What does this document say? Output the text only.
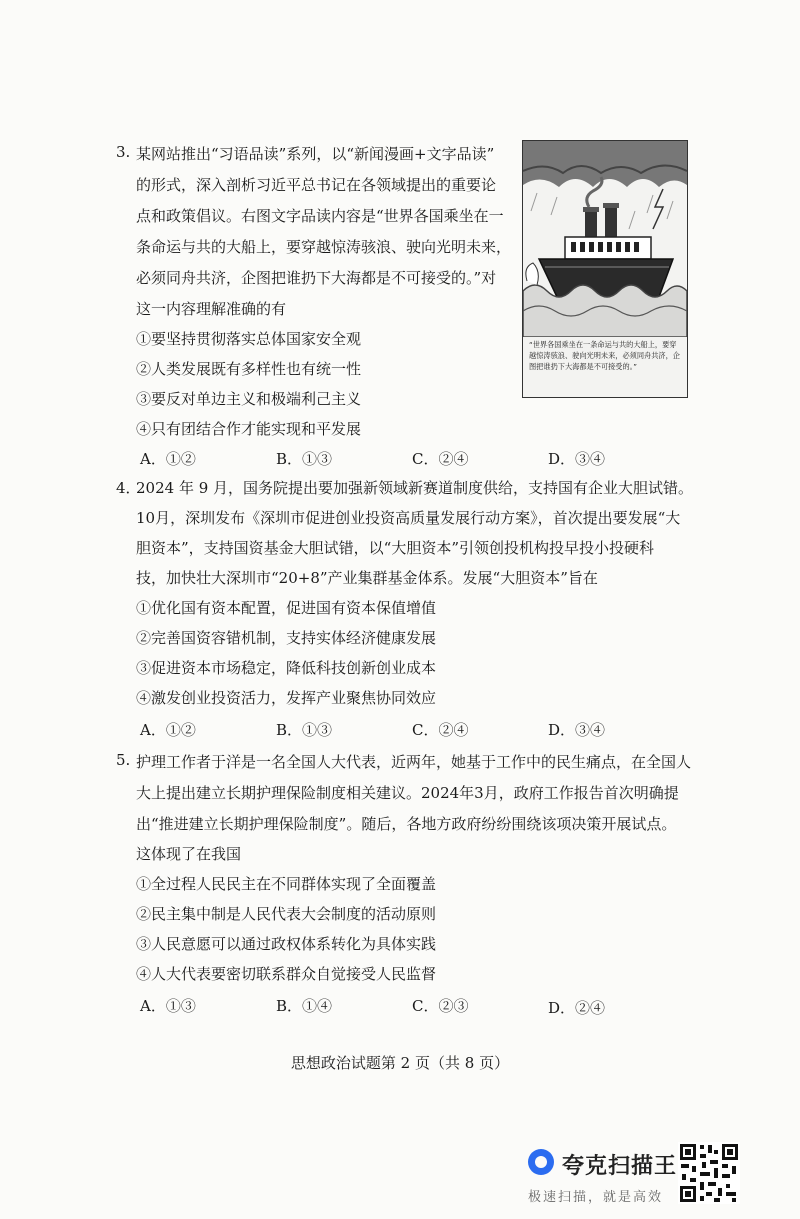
3. 某网站推出“习语品读”系列，以“新闻漫画+文字品读”
的形式，深入剖析习近平总书记在各领域提出的重要论
点和政策倡议。右图文字品读内容是“世界各国乘坐在一
条命运与共的大船上，要穿越惊涛骇浪、驶向光明未来，
必须同舟共济，企图把谁扔下大海都是不可接受的。”对
这一内容理解准确的有
①要坚持贯彻落实总体国家安全观
②人类发展既有多样性也有统一性
③要反对单边主义和极端利己主义
④只有团结合作才能实现和平发展
A．①②	B．①③	C．②④	D．③④
“世界各国乘坐在一条命运与共的大船上，要穿越惊涛骇浪、驶向光明未来，必须同舟共济，企图把谁扔下大海都是不可接受的。”
4．
2024 年 9 月，国务院提出要加强新领域新赛道制度供给，支持国有企业大胆试错。
10月，深圳发布《深圳市促进创业投资高质量发展行动方案》，首次提出要发展“大
胆资本”，支持国资基金大胆试错，以“大胆资本”引领创投机构投早投小投硬科
技，加快壮大深圳市“20+8”产业集群基金体系。发展“大胆资本”旨在
①优化国有资本配置，促进国有资本保值增值
②完善国资容错机制，支持实体经济健康发展
③促进资本市场稳定，降低科技创新创业成本
④激发创业投资活力，发挥产业聚焦协同效应
A．①②	B．①③	C．②④	D．③④
5. 护理工作者于洋是一名全国人大代表，近两年，她基于工作中的民生痛点，在全国人
大上提出建立长期护理保险制度相关建议。2024年3月，政府工作报告首次明确提
出“推进建立长期护理保险制度”。随后，各地方政府纷纷围绕该项决策开展试点。
这体现了在我国
①全过程人民民主在不同群体实现了全面覆盖
②民主集中制是人民代表大会制度的活动原则
③人民意愿可以通过政权体系转化为具体实践
④人大代表要密切联系群众自觉接受人民监督
A．①③	B．①④	C．②③	D．②④
思想政治试题第 2 页（共 8 页）
夸克扫描王
极速扫描，就是高效
